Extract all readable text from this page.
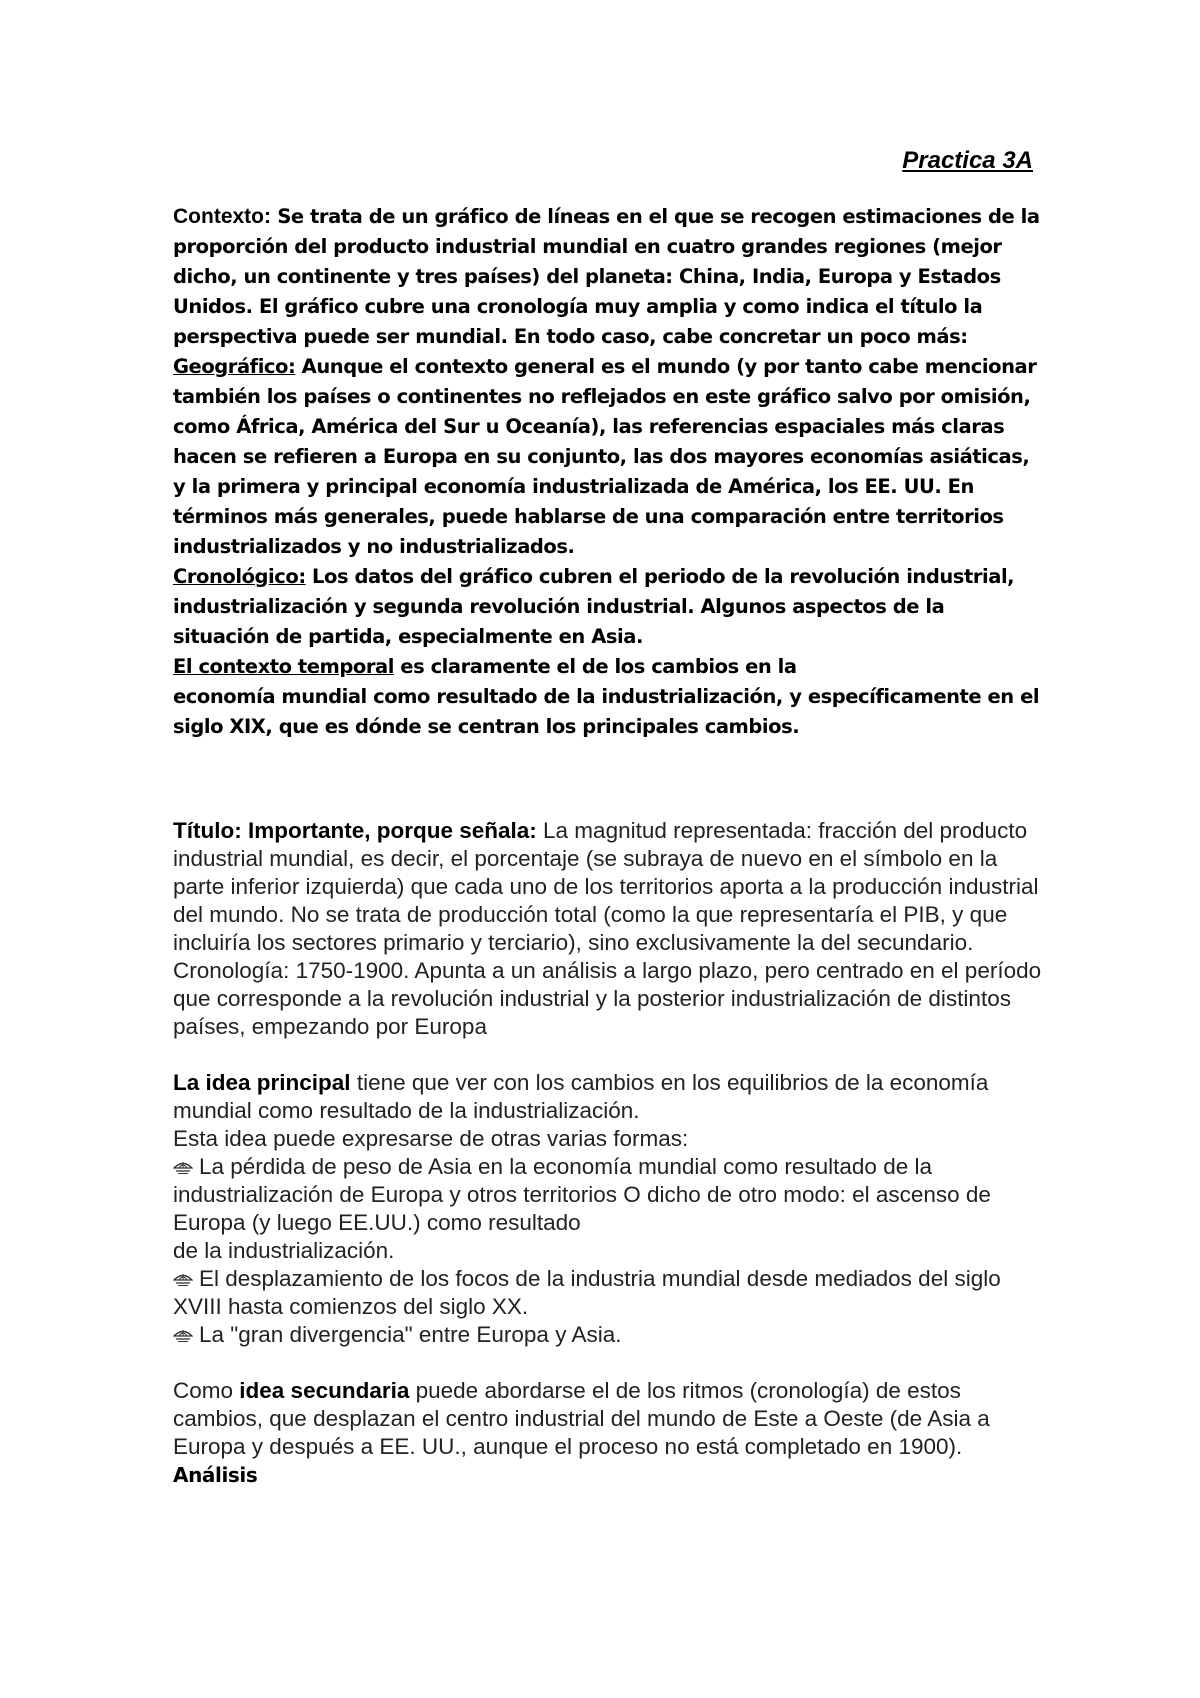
Practica 3A

Contexto: Se trata de un gráfico de líneas en el que se recogen estimaciones de la proporción del producto industrial mundial en cuatro grandes regiones (mejor dicho, un continente y tres países) del planeta: China, India, Europa y Estados Unidos. El gráfico cubre una cronología muy amplia y como indica el título la perspectiva puede ser mundial. En todo caso, cabe concretar un poco más:

Geográfico: Aunque el contexto general es el mundo (y por tanto cabe mencionar también los países o continentes no reflejados en este gráfico salvo por omisión, como África, América del Sur u Oceanía), las referencias espaciales más claras hacen se refieren a Europa en su conjunto, las dos mayores economías asiáticas, y la primera y principal economía industrializada de América, los EE. UU. En términos más generales, puede hablarse de una comparación entre territorios industrializados y no industrializados.

Cronológico: Los datos del gráfico cubren el periodo de la revolución industrial, industrialización y segunda revolución industrial. Algunos aspectos de la situación de partida, especialmente en Asia.

El contexto temporal es claramente el de los cambios en la

economía mundial como resultado de la industrialización, y específicamente en el siglo XIX, que es dónde se centran los principales cambios.

Título: Importante, porque señala: La magnitud representada: fracción del producto industrial mundial, es decir, el porcentaje (se subraya de nuevo en el símbolo en la parte inferior izquierda) que cada uno de los territorios aporta a la producción industrial del mundo. No se trata de producción total (como la que representaría el PIB, y que incluiría los sectores primario y terciario), sino exclusivamente la del secundario. Cronología: 1750-1900. Apunta a un análisis a largo plazo, pero centrado en el período que corresponde a la revolución industrial y la posterior industrialización de distintos países, empezando por Europa

La idea principal tiene que ver con los cambios en los equilibrios de la economía mundial como resultado de la industrialización.

Esta idea puede expresarse de otras varias formas:

La pérdida de peso de Asia en la economía mundial como resultado de la industrialización de Europa y otros territorios O dicho de otro modo: el ascenso de Europa (y luego EE.UU.) como resultado

de la industrialización.

El desplazamiento de los focos de la industria mundial desde mediados del siglo XVIII hasta comienzos del siglo XX.

La "gran divergencia" entre Europa y Asia.

Como idea secundaria puede abordarse el de los ritmos (cronología) de estos cambios, que desplazan el centro industrial del mundo de Este a Oeste (de Asia a Europa y después a EE. UU., aunque el proceso no está completado en 1900).

Análisis
